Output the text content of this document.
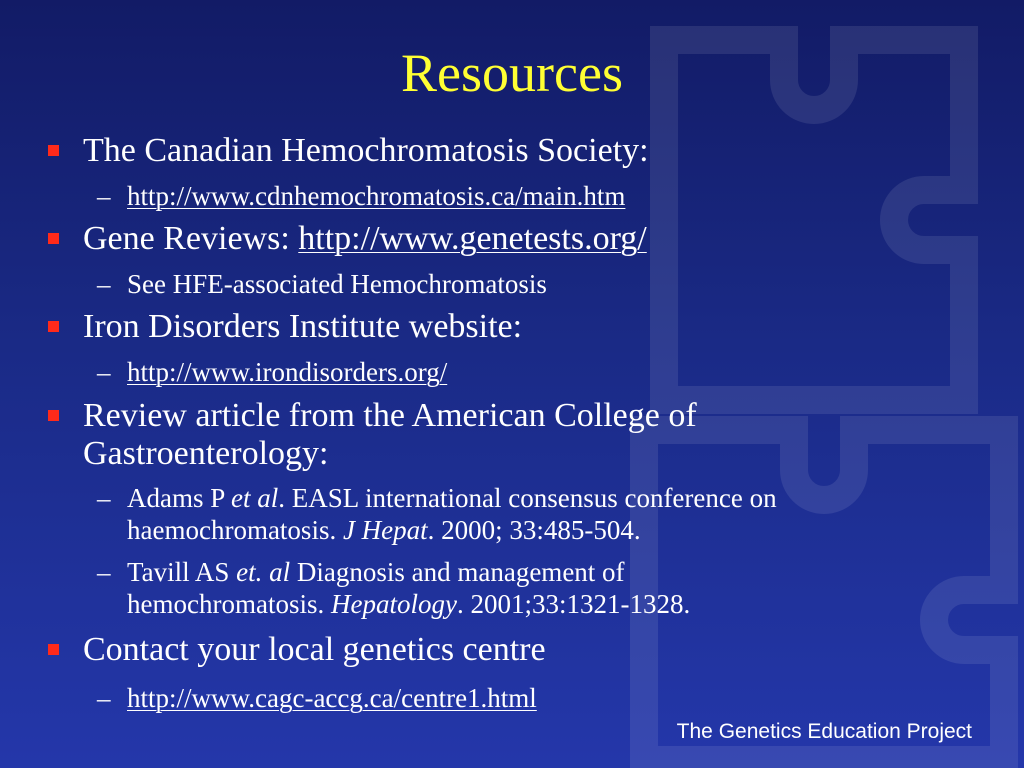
Resources
The Canadian Hemochromatosis Society:
– http://www.cdnhemochromatosis.ca/main.htm
Gene Reviews: http://www.genetests.org/
– See HFE-associated Hemochromatosis
Iron Disorders Institute website:
– http://www.irondisorders.org/
Review article from the American College of
Gastroenterology:
– Adams P et al. EASL international consensus conference on
haemochromatosis. J Hepat. 2000; 33:485-504.
– Tavill AS et. al Diagnosis and management of
hemochromatosis. Hepatology. 2001;33:1321-1328.
Contact your local genetics centre
– http://www.cagc-accg.ca/centre1.html
The Genetics Education Project
